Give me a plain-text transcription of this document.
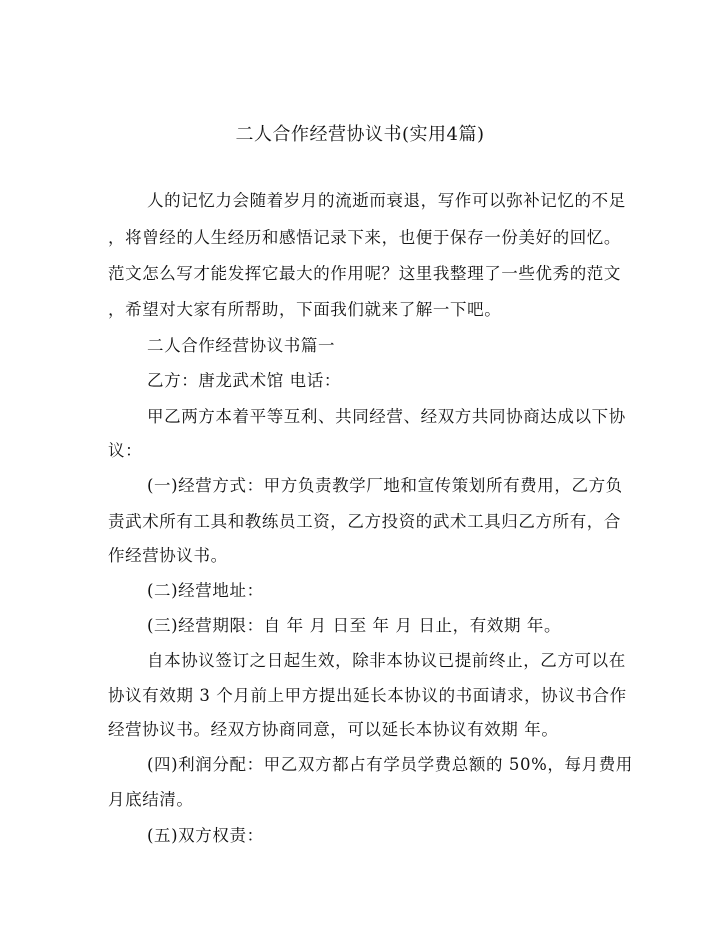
二人合作经营协议书(实用4篇)
人的记忆力会随着岁月的流逝而衰退，写作可以弥补记忆的不足
，将曾经的人生经历和感悟记录下来，也便于保存一份美好的回忆。
范文怎么写才能发挥它最大的作用呢？这里我整理了一些优秀的范文
，希望对大家有所帮助，下面我们就来了解一下吧。
二人合作经营协议书篇一
乙方：唐龙武术馆 电话：
甲乙两方本着平等互利、共同经营、经双方共同协商达成以下协
议：
(一)经营方式：甲方负责教学厂地和宣传策划所有费用，乙方负
责武术所有工具和教练员工资，乙方投资的武术工具归乙方所有，合
作经营协议书。
(二)经营地址：
(三)经营期限：自 年 月 日至 年 月 日止，有效期 年。
自本协议签订之日起生效，除非本协议已提前终止，乙方可以在
协议有效期 3 个月前上甲方提出延长本协议的书面请求，协议书合作
经营协议书。经双方协商同意，可以延长本协议有效期 年。
(四)利润分配：甲乙双方都占有学员学费总额的 50%，每月费用
月底结清。
(五)双方权责：
